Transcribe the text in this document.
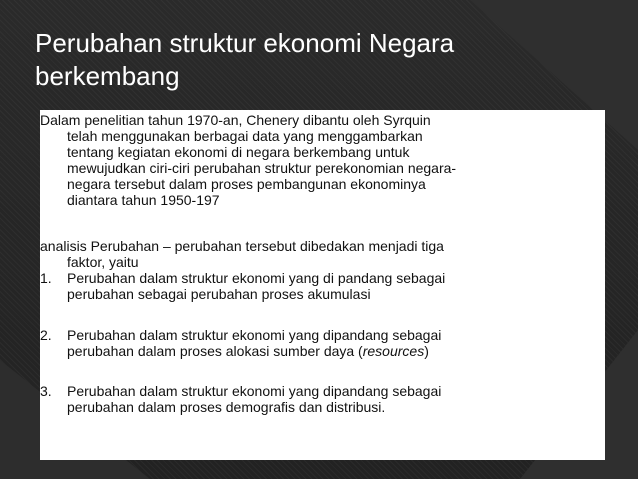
Perubahan struktur ekonomi Negara berkembang
Dalam penelitian tahun 1970-an, Chenery dibantu oleh Syrquin
telah menggunakan berbagai data yang menggambarkan
tentang kegiatan ekonomi di negara berkembang untuk
mewujudkan ciri-ciri perubahan struktur perekonomian negara-
negara tersebut dalam proses pembangunan ekonominya
diantara tahun 1950-197
analisis Perubahan – perubahan tersebut dibedakan menjadi tiga
faktor, yaitu
1. Perubahan dalam struktur ekonomi yang di pandang sebagai
perubahan sebagai perubahan proses akumulasi
2. Perubahan dalam struktur ekonomi yang dipandang sebagai
perubahan dalam proses alokasi sumber daya (resources)
3. Perubahan dalam struktur ekonomi yang dipandang sebagai
perubahan dalam proses demografis dan distribusi.
